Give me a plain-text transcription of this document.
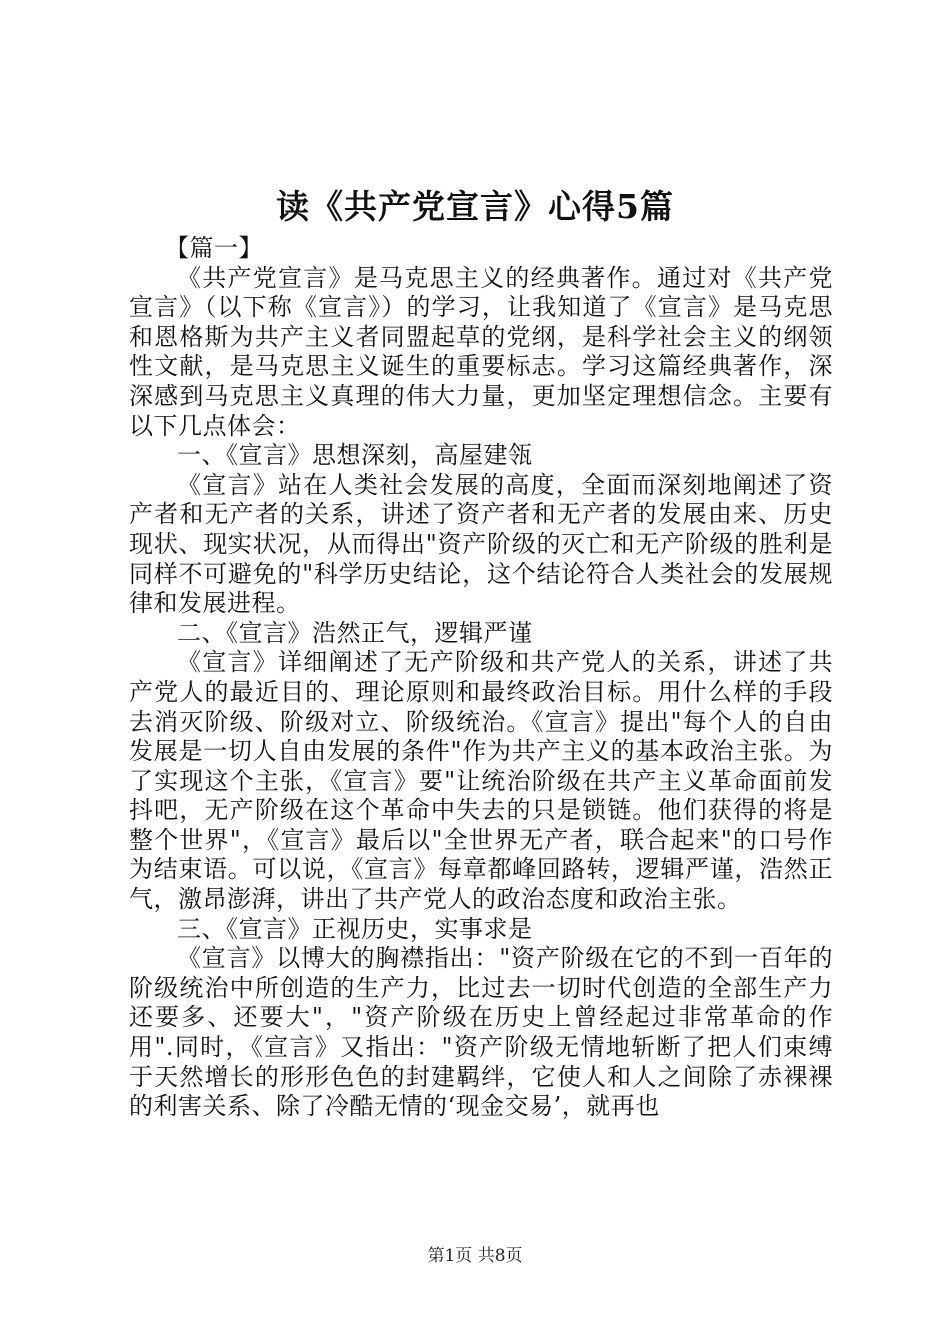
读《共产党宣言》心得5篇

【篇一】

《共产党宣言》是马克思主义的经典著作。通过对《共产党宣言》（以下称《宣言》）的学习，让我知道了《宣言》是马克思和恩格斯为共产主义者同盟起草的党纲，是科学社会主义的纲领性文献，是马克思主义诞生的重要标志。学习这篇经典著作，深深感到马克思主义真理的伟大力量，更加坚定理想信念。主要有以下几点体会：

一、《宣言》思想深刻，高屋建瓴

《宣言》站在人类社会发展的高度，全面而深刻地阐述了资产者和无产者的关系，讲述了资产者和无产者的发展由来、历史现状、现实状况，从而得出"资产阶级的灭亡和无产阶级的胜利是同样不可避免的"科学历史结论，这个结论符合人类社会的发展规律和发展进程。

二、《宣言》浩然正气，逻辑严谨

《宣言》详细阐述了无产阶级和共产党人的关系，讲述了共产党人的最近目的、理论原则和最终政治目标。用什么样的手段去消灭阶级、阶级对立、阶级统治。《宣言》提出"每个人的自由发展是一切人自由发展的条件"作为共产主义的基本政治主张。为了实现这个主张，《宣言》要"让统治阶级在共产主义革命面前发抖吧，无产阶级在这个革命中失去的只是锁链。他们获得的将是整个世界"，《宣言》最后以"全世界无产者，联合起来"的口号作为结束语。可以说，《宣言》每章都峰回路转，逻辑严谨，浩然正气，激昂澎湃，讲出了共产党人的政治态度和政治主张。

三、《宣言》正视历史，实事求是

《宣言》以博大的胸襟指出："资产阶级在它的不到一百年的阶级统治中所创造的生产力，比过去一切时代创造的全部生产力还要多、还要大"，"资产阶级在历史上曾经起过非常革命的作用".同时，《宣言》又指出："资产阶级无情地斩断了把人们束缚于天然增长的形形色色的封建羁绊，它使人和人之间除了赤裸裸的利害关系、除了冷酷无情的‘现金交易’，就再也

第1页 共8页
